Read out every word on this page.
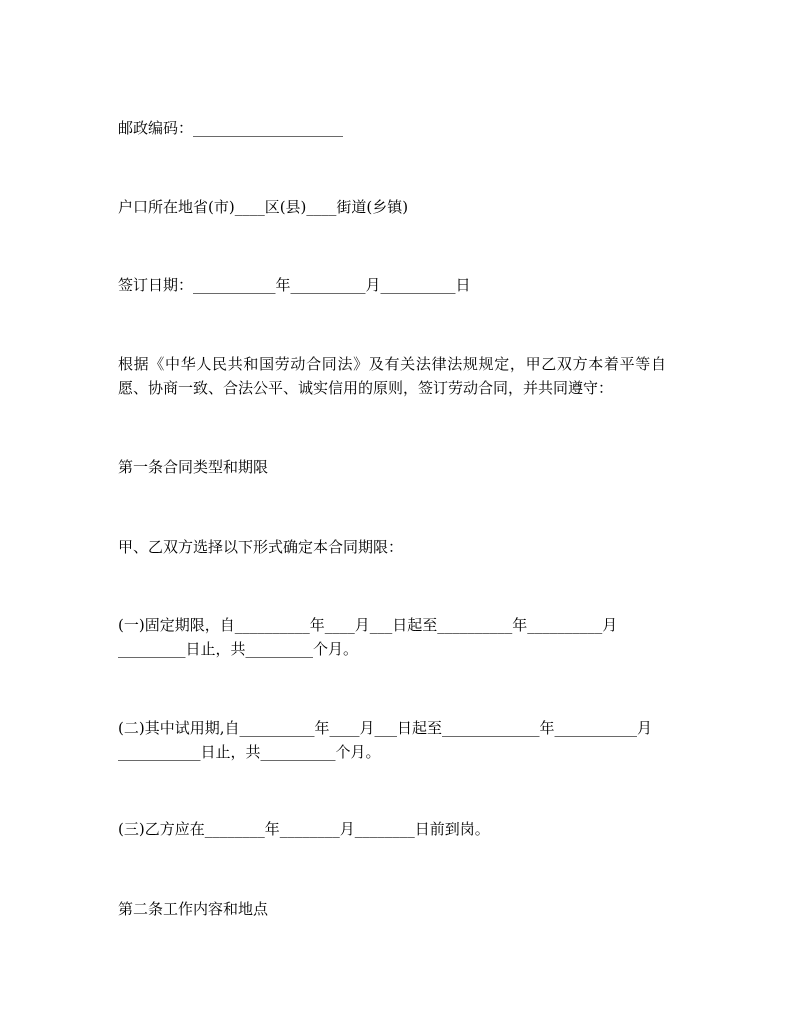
邮政编码：____________________
户口所在地省(市)____区(县)____街道(乡镇)
签订日期：___________年__________月__________日
根据《中华人民共和国劳动合同法》及有关法律法规规定，甲乙双方本着平等自愿、协商一致、合法公平、诚实信用的原则，签订劳动合同，并共同遵守：
第一条合同类型和期限
甲、乙双方选择以下形式确定本合同期限：
(一)固定期限，自__________年____月___日起至__________年__________月
_________日止，共_________个月。
(二)其中试用期,自__________年____月___日起至_____________年___________月
___________日止，共__________个月。
(三)乙方应在________年________月________日前到岗。
第二条工作内容和地点
